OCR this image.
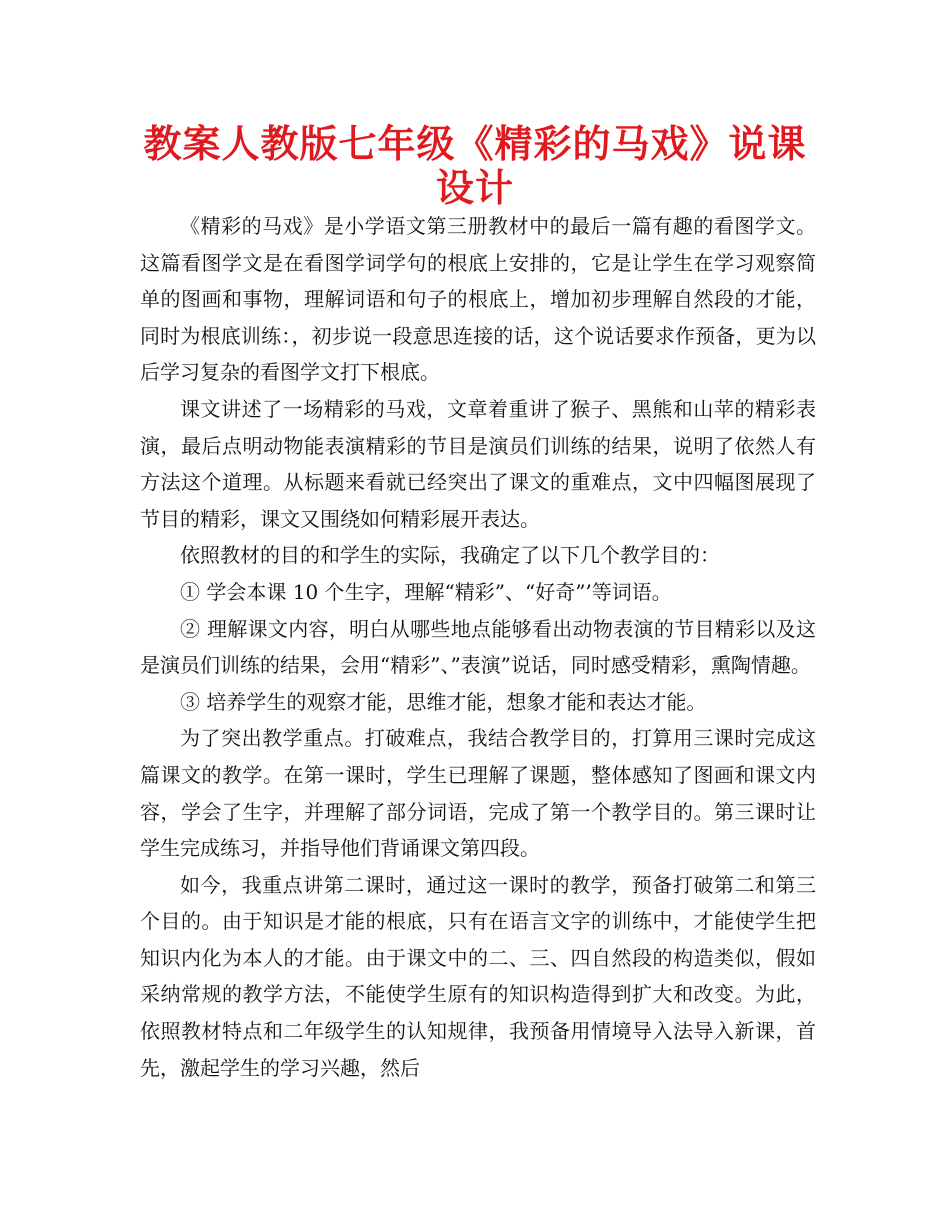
教案人教版七年级《精彩的马戏》说课设计

《精彩的马戏》是小学语文第三册教材中的最后一篇有趣的看图学文。这篇看图学文是在看图学词学句的根底上安排的，它是让学生在学习观察简单的图画和事物，理解词语和句子的根底上，增加初步理解自然段的才能，同时为根底训练：，初步说一段意思连接的话，这个说话要求作预备，更为以后学习复杂的看图学文打下根底。

课文讲述了一场精彩的马戏，文章着重讲了猴子、黑熊和山苹的精彩表演，最后点明动物能表演精彩的节目是演员们训练的结果，说明了依然人有方法这个道理。从标题来看就已经突出了课文的重难点，文中四幅图展现了节目的精彩，课文又围绕如何精彩展开表达。

依照教材的目的和学生的实际，我确定了以下几个教学目的：

① 学会本课 10 个生字，理解“精彩”、“好奇”’等词语。

② 理解课文内容，明白从哪些地点能够看出动物表演的节目精彩以及这是演员们训练的结果，会用“精彩”、”表演”说话，同时感受精彩，熏陶情趣。

③ 培养学生的观察才能，思维才能，想象才能和表达才能。

为了突出教学重点。打破难点，我结合教学目的，打算用三课时完成这篇课文的教学。在第一课时，学生已理解了课题，整体感知了图画和课文内容，学会了生字，并理解了部分词语，完成了第一个教学目的。第三课时让学生完成练习，并指导他们背诵课文第四段。

如今，我重点讲第二课时，通过这一课时的教学，预备打破第二和第三个目的。由于知识是才能的根底，只有在语言文字的训练中，才能使学生把知识内化为本人的才能。由于课文中的二、三、四自然段的构造类似，假如采纳常规的教学方法，不能使学生原有的知识构造得到扩大和改变。为此，依照教材特点和二年级学生的认知规律，我预备用情境导入法导入新课，首先，激起学生的学习兴趣，然后
